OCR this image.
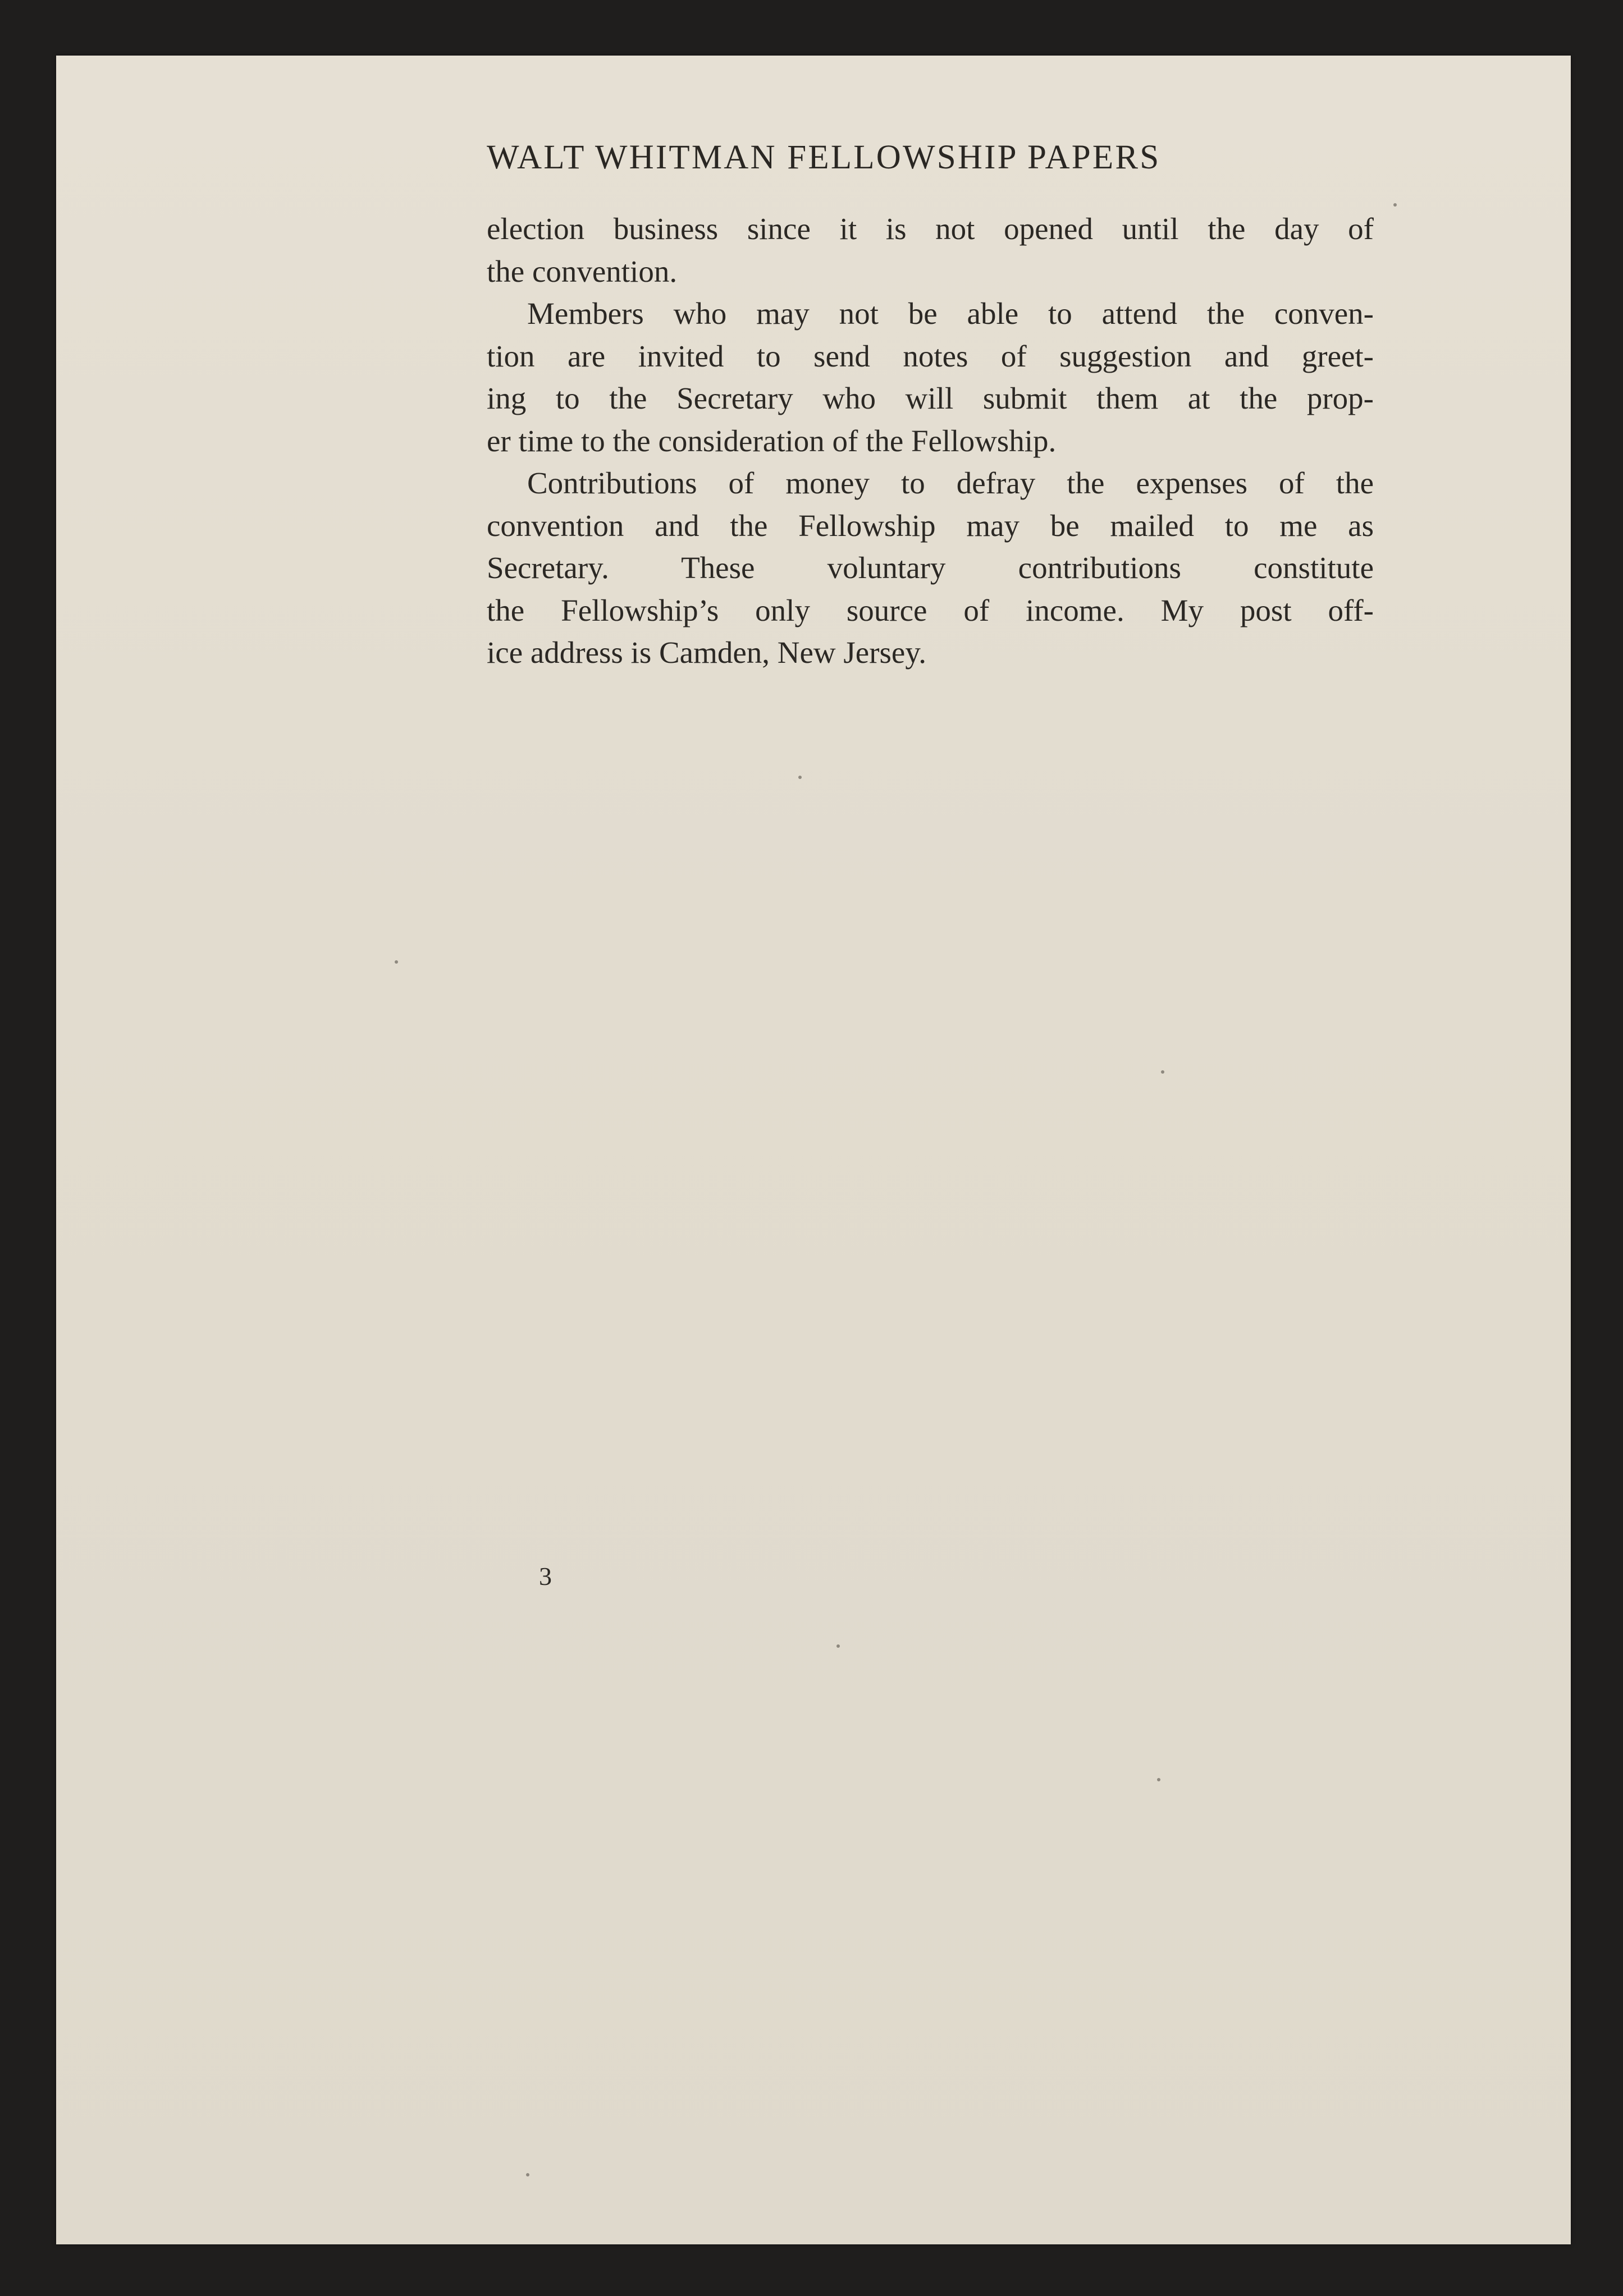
WALT WHITMAN FELLOWSHIP PAPERS

election business since it is not opened until the day of
the convention.

Members who may not be able to attend the conven-
tion are invited to send notes of suggestion and greet-
ing to the Secretary who will submit them at the prop-
er time to the consideration of the Fellowship.

Contributions of money to defray the expenses of the
convention and the Fellowship may be mailed to me as
Secretary. These voluntary contributions constitute
the Fellowship’s only source of income. My post off-
ice address is Camden, New Jersey.

3
